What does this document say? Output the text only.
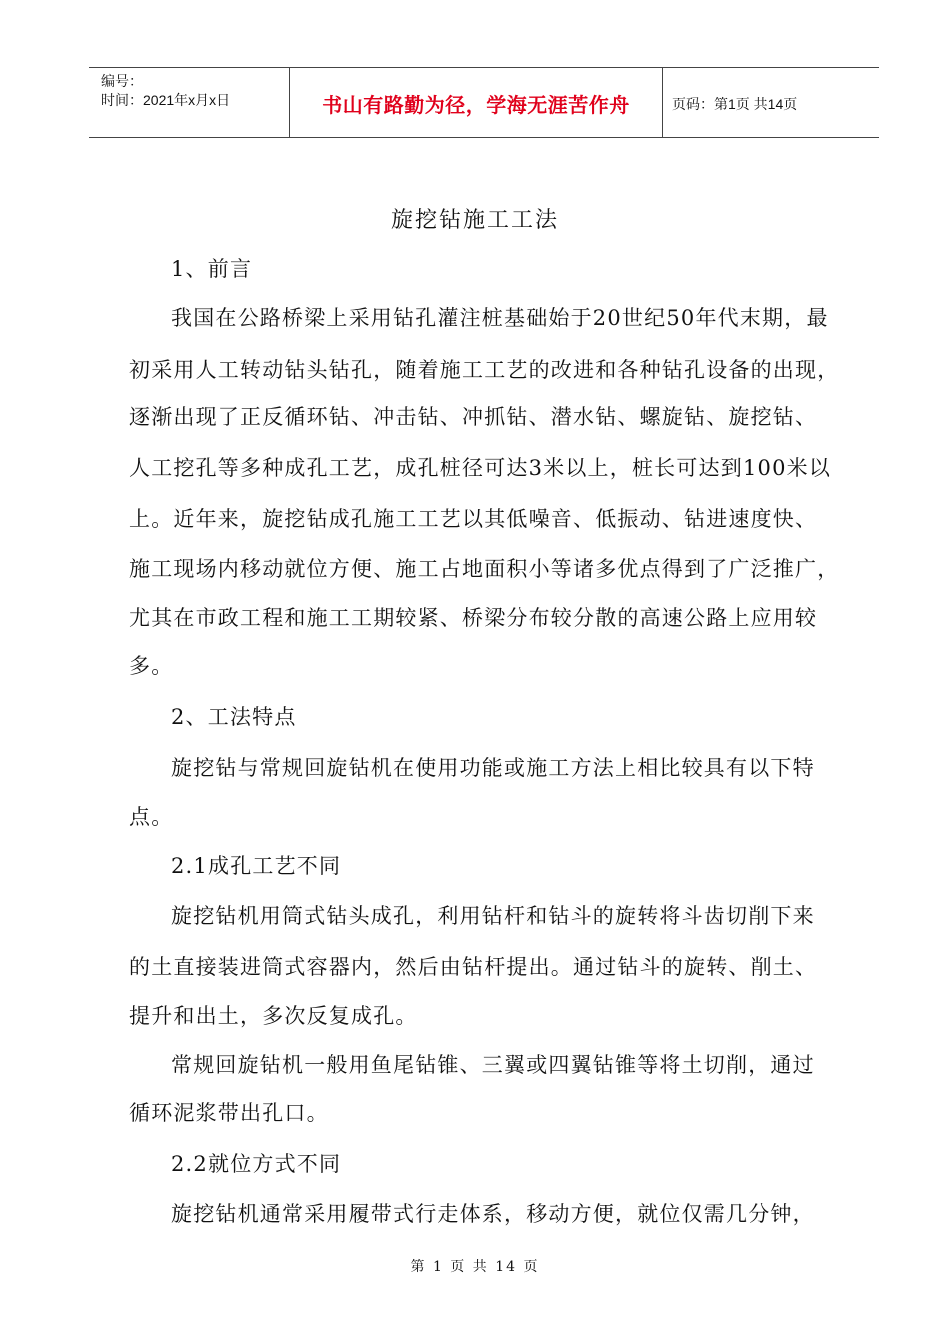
编号：
时间：2021年x月x日	书山有路勤为径，学海无涯苦作舟	页码：第1页 共14页
旋挖钻施工工法
1、前言
我国在公路桥梁上采用钻孔灌注桩基础始于20世纪50年代末期，最
初采用人工转动钻头钻孔，随着施工工艺的改进和各种钻孔设备的出现，
逐渐出现了正反循环钻、冲击钻、冲抓钻、潜水钻、螺旋钻、旋挖钻、
人工挖孔等多种成孔工艺，成孔桩径可达3米以上，桩长可达到100米以
上。近年来，旋挖钻成孔施工工艺以其低噪音、低振动、钻进速度快、
施工现场内移动就位方便、施工占地面积小等诸多优点得到了广泛推广，
尤其在市政工程和施工工期较紧、桥梁分布较分散的高速公路上应用较
多。
2、工法特点
旋挖钻与常规回旋钻机在使用功能或施工方法上相比较具有以下特
点。
2.1成孔工艺不同
旋挖钻机用筒式钻头成孔，利用钻杆和钻斗的旋转将斗齿切削下来
的土直接装进筒式容器内，然后由钻杆提出。通过钻斗的旋转、削土、
提升和出土，多次反复成孔。
常规回旋钻机一般用鱼尾钻锥、三翼或四翼钻锥等将土切削，通过
循环泥浆带出孔口。
2.2就位方式不同
旋挖钻机通常采用履带式行走体系，移动方便，就位仅需几分钟，
第 1 页 共 14 页
